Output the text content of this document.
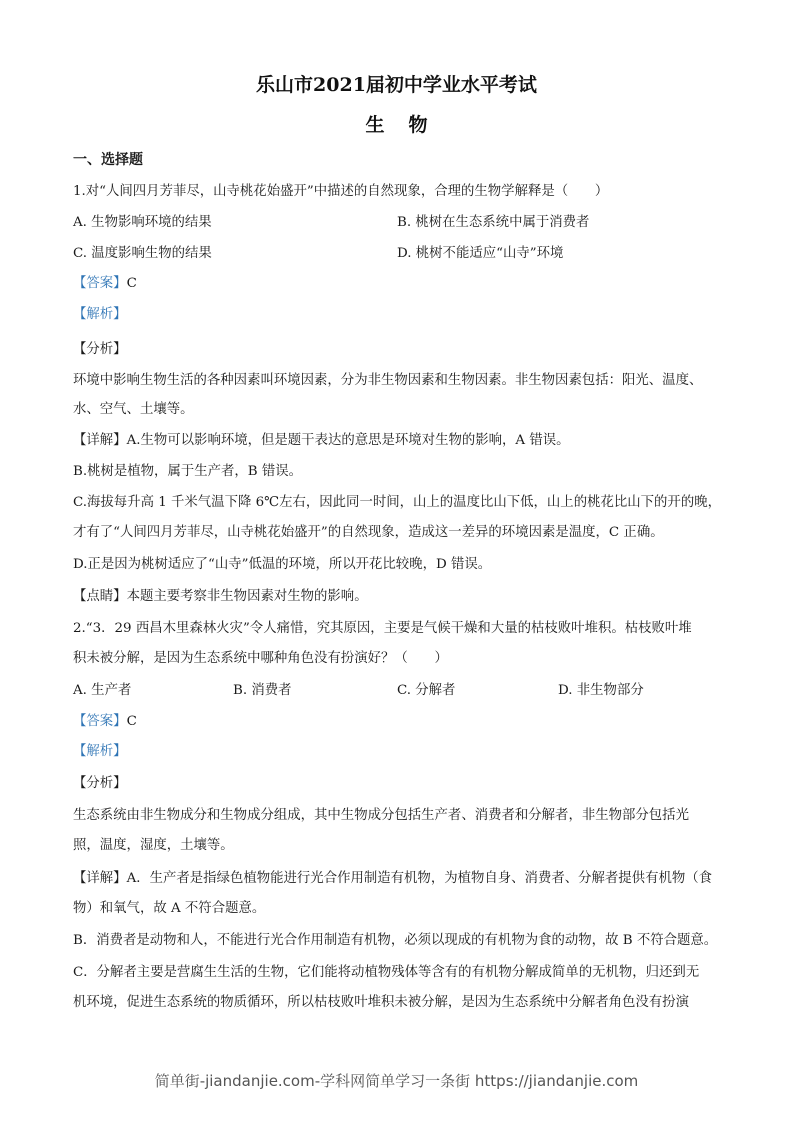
乐山市2021届初中学业水平考试
生物
一、选择题
1.对“人间四月芳菲尽，山寺桃花始盛开”中描述的自然现象，合理的生物学解释是（　　）
A. 生物影响环境的结果	B. 桃树在生态系统中属于消费者
C. 温度影响生物的结果	D. 桃树不能适应“山寺”环境
【答案】C
【解析】
【分析】
环境中影响生物生活的各种因素叫环境因素，分为非生物因素和生物因素。非生物因素包括：阳光、温度、
水、空气、土壤等。
【详解】A.生物可以影响环境，但是题干表达的意思是环境对生物的影响，A 错误。
B.桃树是植物，属于生产者，B 错误。
C.海拔每升高 1 千米气温下降 6℃左右，因此同一时间，山上的温度比山下低，山上的桃花比山下的开的晚，
才有了“人间四月芳菲尽，山寺桃花始盛开”的自然现象，造成这一差异的环境因素是温度，C 正确。
D.正是因为桃树适应了“山寺”低温的环境，所以开花比较晚，D 错误。
【点睛】本题主要考察非生物因素对生物的影响。
2.“3．29 西昌木里森林火灾”令人痛惜，究其原因，主要是气候干燥和大量的枯枝败叶堆积。枯枝败叶堆
积未被分解，是因为生态系统中哪种角色没有扮演好？（　　）
A. 生产者	B. 消费者	C. 分解者	D. 非生物部分
【答案】C
【解析】
【分析】
生态系统由非生物成分和生物成分组成，其中生物成分包括生产者、消费者和分解者，非生物部分包括光
照，温度，湿度，土壤等。
【详解】A．生产者是指绿色植物能进行光合作用制造有机物，为植物自身、消费者、分解者提供有机物（食
物）和氧气，故 A 不符合题意。
B．消费者是动物和人，不能进行光合作用制造有机物，必须以现成的有机物为食的动物，故 B 不符合题意。
C．分解者主要是营腐生生活的生物，它们能将动植物残体等含有的有机物分解成简单的无机物，归还到无
机环境，促进生态系统的物质循环，所以枯枝败叶堆积未被分解，是因为生态系统中分解者角色没有扮演
简单街-jiandanjie.com-学科网简单学习一条街 https://jiandanjie.com
